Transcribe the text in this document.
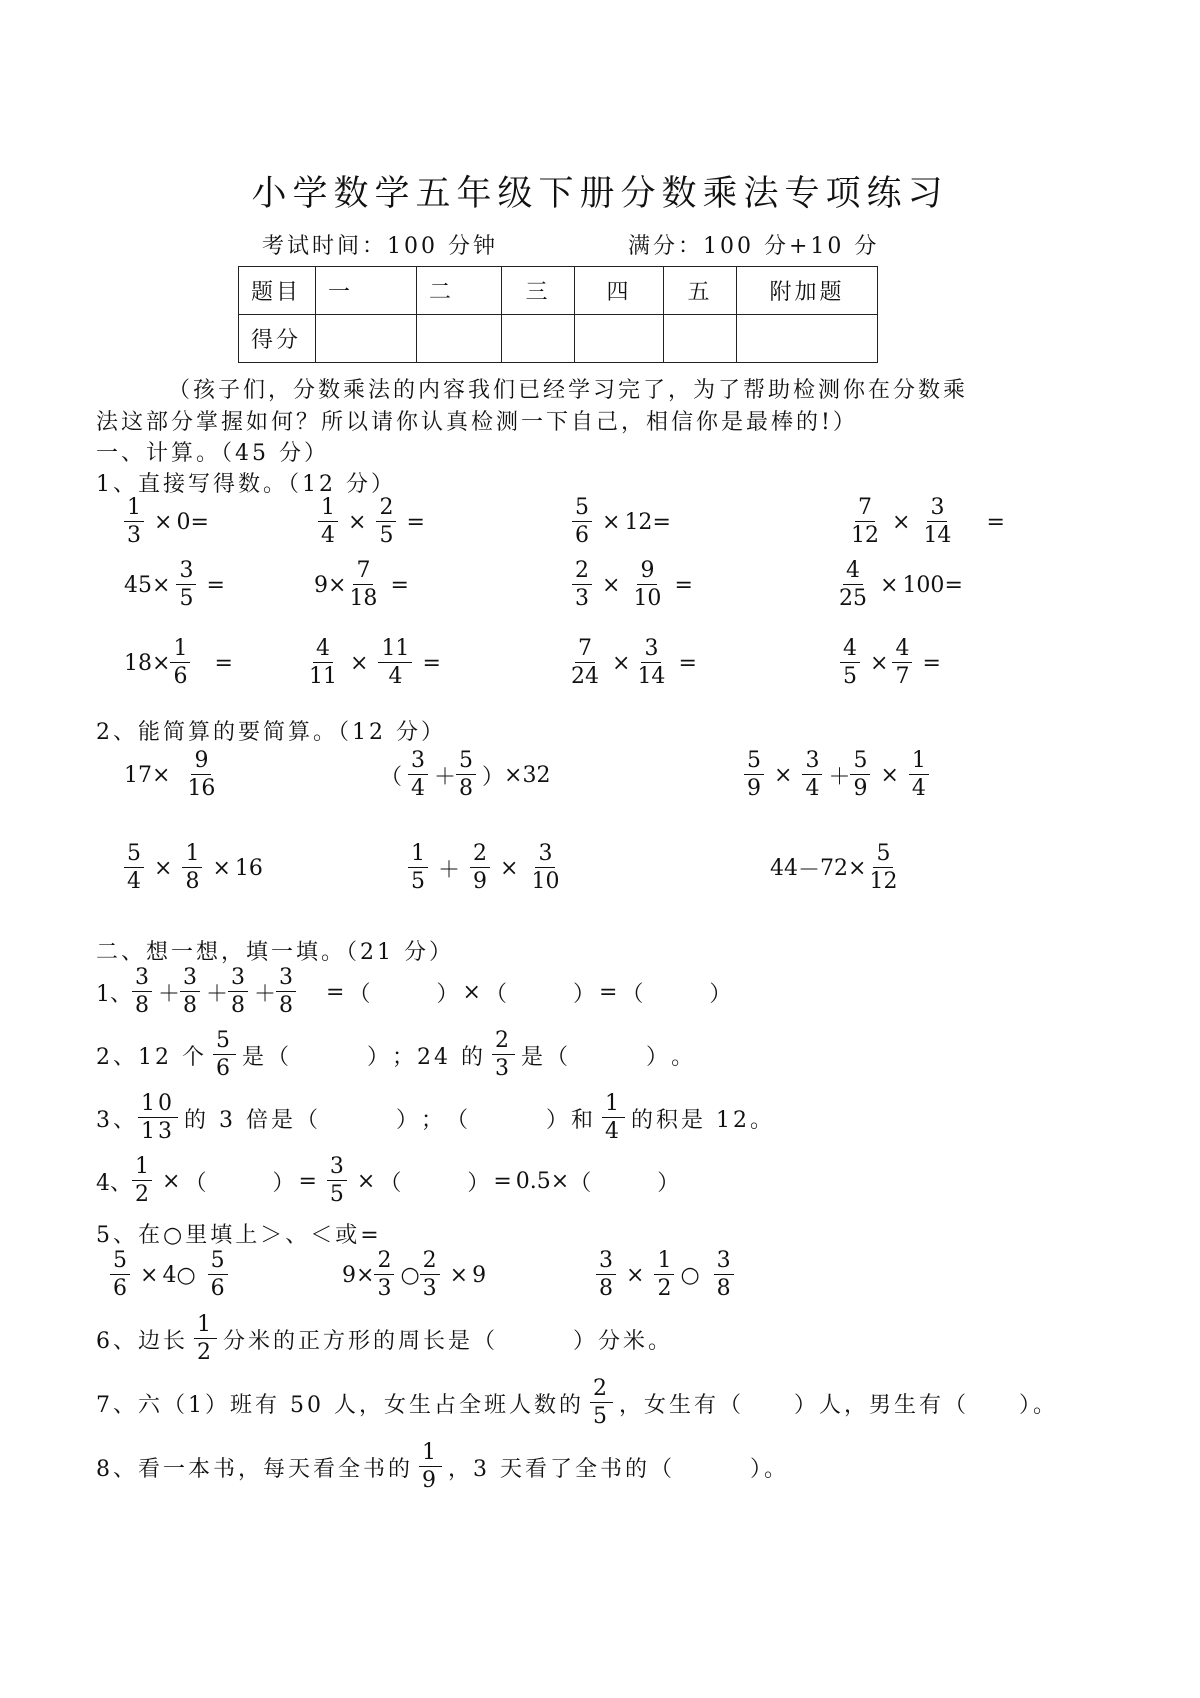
小学数学五年级下册分数乘法专项练习
考试时间：100 分钟	满分：100 分+10 分
题目	一	二	三	四	五	附加题
得分						
（孩子们，分数乘法的内容我们已经学习完了，为了帮助检测你在分数乘
法这部分掌握如何？所以请你认真检测一下自己，相信你是最棒的!）
一、计算。（45 分）
1、直接写得数。（12 分）
$\frac{1}{3} \times 0$ =	$\frac{1}{4} \times \frac{2}{5}$ =	$\frac{5}{6} \times 12$ =	$\frac{7}{12} \times \frac{3}{14}$ =
$45 \times \frac{3}{5}$ =	$9 \times \frac{7}{18}$ =	$\frac{2}{3} \times \frac{9}{10}$ =	$\frac{4}{25} \times 100$ =
$18 \times \frac{1}{6}$ =	$\frac{4}{11} \times \frac{11}{4}$ =	$\frac{7}{24} \times \frac{3}{14}$ =	$\frac{4}{5} \times \frac{4}{7}$ =
2、能简算的要简算。（12 分）
$17 \times \frac{9}{16}$	（ $\frac{3}{4} + \frac{5}{8}$ ） × 32	$\frac{5}{9} \times \frac{3}{4} + \frac{5}{9} \times \frac{1}{4}$
$\frac{5}{4} \times \frac{1}{8} \times 16$	$\frac{1}{5} + \frac{2}{9} \times \frac{3}{10}$	$44 - 72 \times \frac{5}{12}$
二、想一想，填一填。（21 分）
1、 $\frac{3}{8} + \frac{3}{8} + \frac{3}{8} + \frac{3}{8}$ = （　　　） × （　　　） = （　　　）
2、 12 个 $\frac{5}{6}$ 是 （　　　） ；24 的 $\frac{2}{3}$ 是 （　　　） 。
3、 $\frac{10}{13}$ 的 3 倍是 （　　　） ； （　　　） 和 $\frac{1}{4}$ 的积是 12。
4、 $\frac{1}{2}$ × （　　　） = $\frac{3}{5}$ × （　　　） = 0.5 × （　　　）
5、在○里填上＞、＜或=
$\frac{5}{6} \times 4$ ○ $\frac{5}{6}$	$9 \times \frac{2}{3}$ ○ $\frac{2}{3} \times 9$	$\frac{3}{8} \times \frac{1}{2}$ ○ $\frac{3}{8}$
6、 边长 $\frac{1}{2}$ 分米的正方形的周长是 （　　　） 分米。
7、 六（1）班有 50 人，女生占全班人数的 $\frac{2}{5}$ ，女生有（　　）人，男生有（　　）。
8、 看一本书，每天看全书的 $\frac{1}{9}$ ，3 天看了全书的（　　　）。
